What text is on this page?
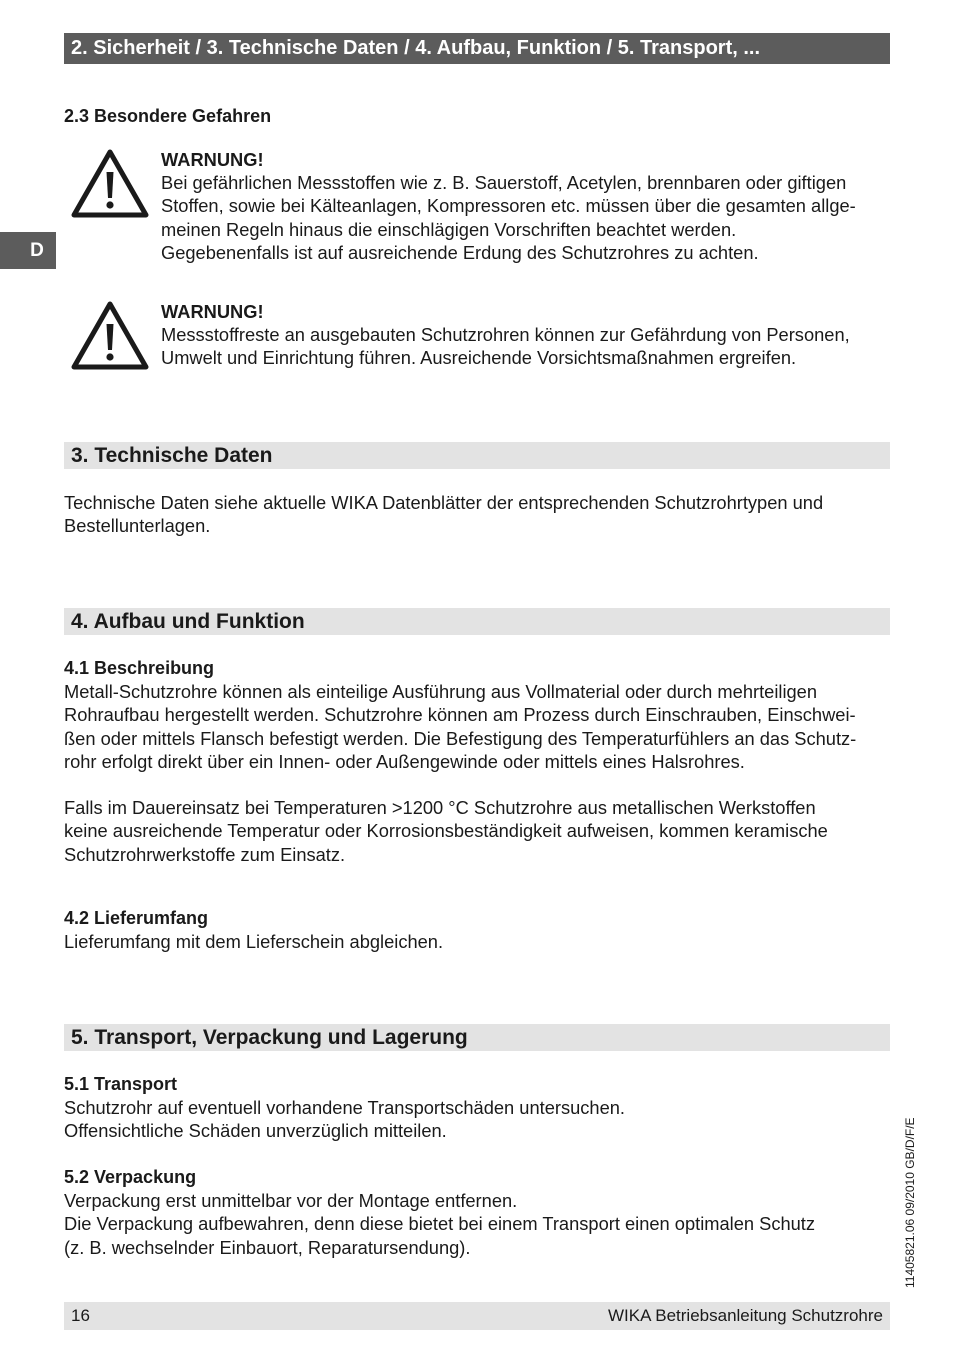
2. Sicherheit / 3. Technische Daten / 4. Aufbau, Funktion / 5. Transport, ...
D
2.3 Besondere Gefahren
WARNUNG!
Bei gefährlichen Messstoffen wie z. B. Sauerstoff, Acetylen, brennbaren oder giftigen
Stoffen, sowie bei Kälteanlagen, Kompressoren etc. müssen über die gesamten allge-
meinen Regeln hinaus die einschlägigen Vorschriften beachtet werden.
Gegebenenfalls ist auf ausreichende Erdung des Schutzrohres zu achten.
WARNUNG!
Messstoffreste an ausgebauten Schutzrohren können zur Gefährdung von Personen,
Umwelt und Einrichtung führen. Ausreichende Vorsichtsmaßnahmen ergreifen.
3. Technische Daten
Technische Daten siehe aktuelle WIKA Datenblätter der entsprechenden Schutzrohrtypen und
Bestellunterlagen.
4. Aufbau und Funktion
4.1 Beschreibung
Metall-Schutzrohre können als einteilige Ausführung aus Vollmaterial oder durch mehrteiligen
Rohraufbau hergestellt werden. Schutzrohre können am Prozess durch Einschrauben, Einschwei-
ßen oder mittels Flansch befestigt werden. Die Befestigung des Temperaturfühlers an das Schutz-
rohr erfolgt direkt über ein Innen- oder Außengewinde oder mittels eines Halsrohres.
Falls im Dauereinsatz bei Temperaturen >1200 °C Schutzrohre aus metallischen Werkstoffen
keine ausreichende Temperatur oder Korrosionsbeständigkeit aufweisen, kommen keramische
Schutzrohrwerkstoffe zum Einsatz.
4.2 Lieferumfang
Lieferumfang mit dem Lieferschein abgleichen.
5. Transport, Verpackung und Lagerung
5.1 Transport
Schutzrohr auf eventuell vorhandene Transportschäden untersuchen.
Offensichtliche Schäden unverzüglich mitteilen.
5.2 Verpackung
Verpackung erst unmittelbar vor der Montage entfernen.
Die Verpackung aufbewahren, denn diese bietet bei einem Transport einen optimalen Schutz
(z. B. wechselnder Einbauort, Reparatursendung).	11405821.06 09/2010 GB/D/F/E
16	WIKA Betriebsanleitung Schutzrohre
